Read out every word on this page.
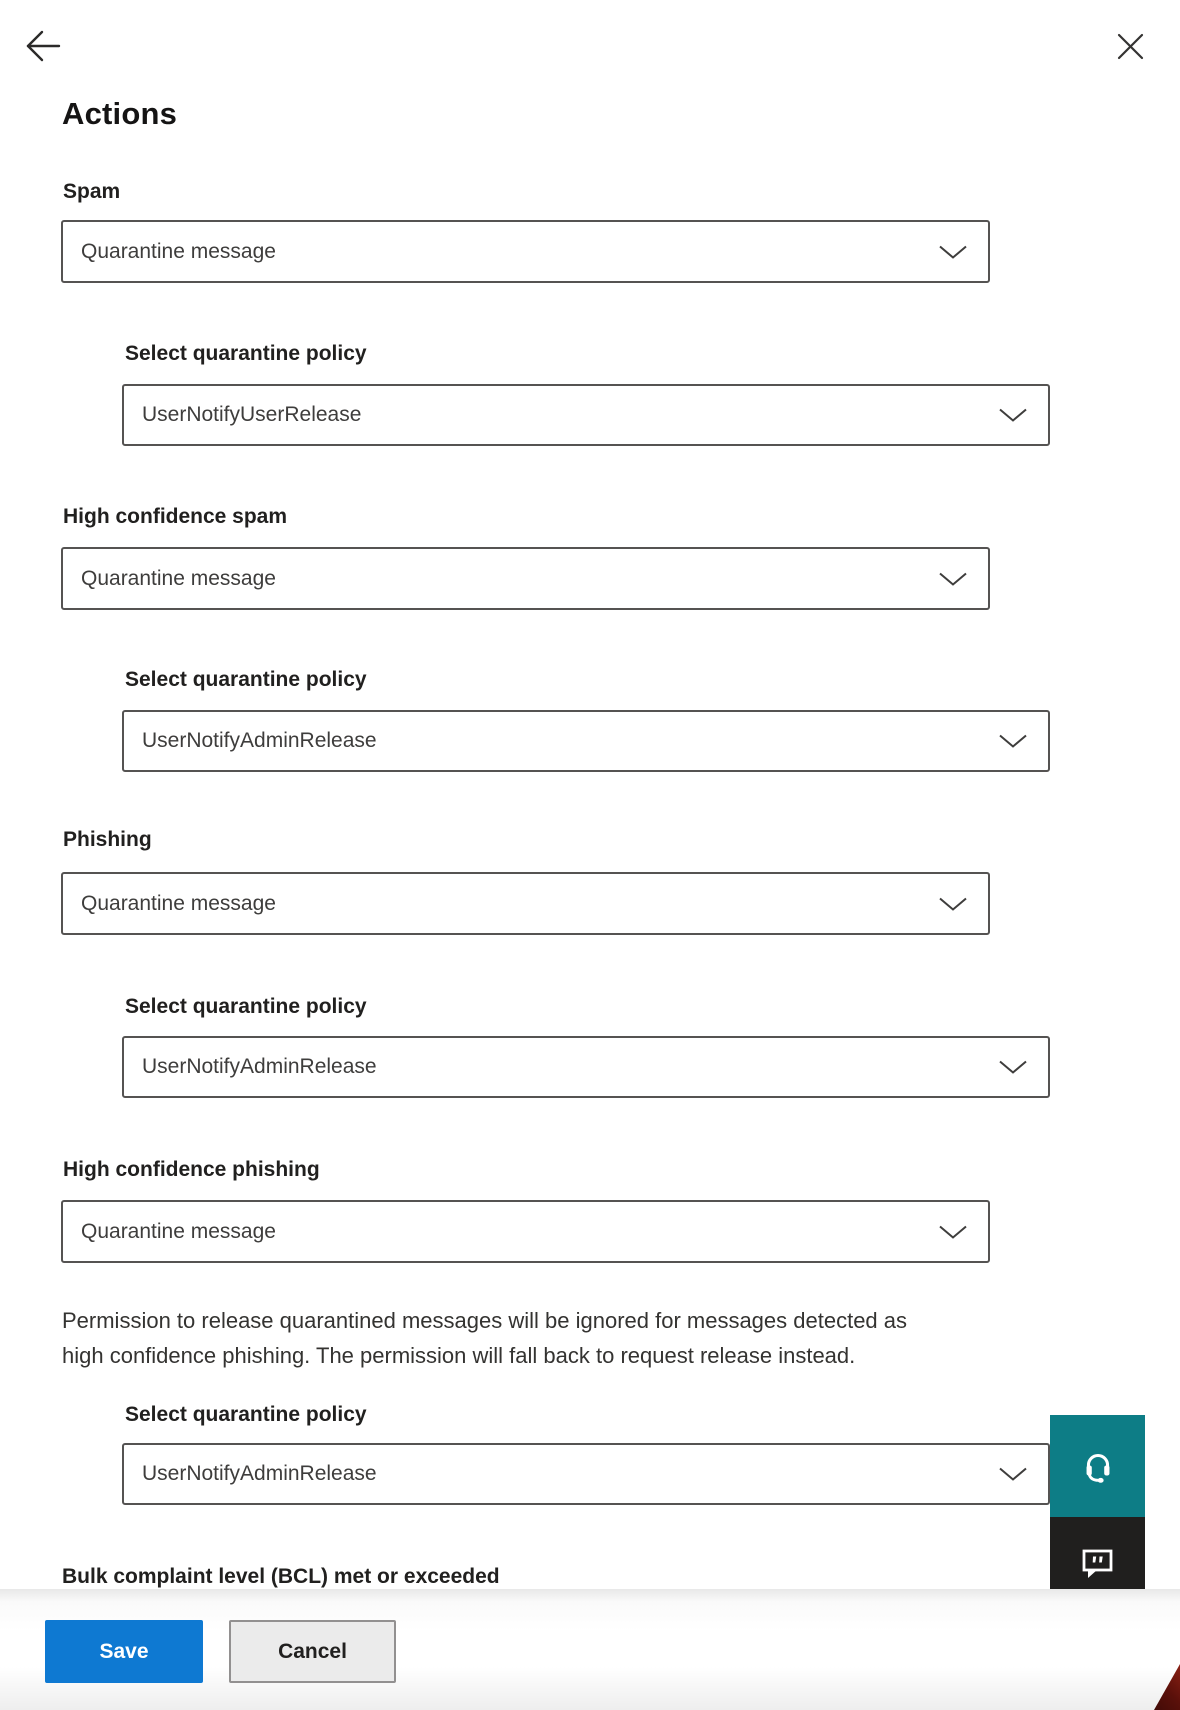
Actions
Spam
Quarantine message
Select quarantine policy
UserNotifyUserRelease
High confidence spam
Quarantine message
Select quarantine policy
UserNotifyAdminRelease
Phishing
Quarantine message
Select quarantine policy
UserNotifyAdminRelease
High confidence phishing
Quarantine message

Permission to release quarantined messages will be ignored for messages detected as
high confidence phishing. The permission will fall back to request release instead.

Select quarantine policy
UserNotifyAdminRelease
Bulk complaint level (BCL) met or exceeded
Save	Cancel
